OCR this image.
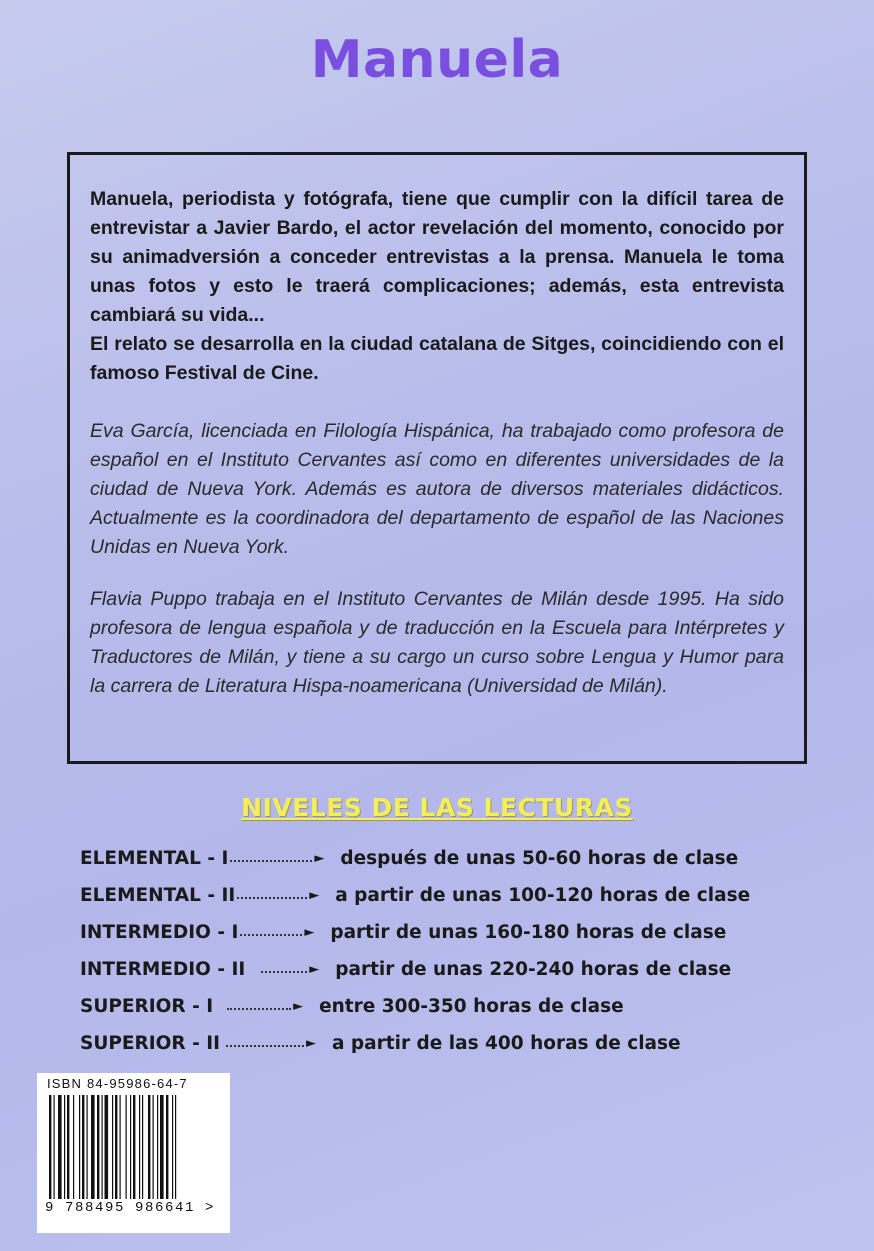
Manuela

Manuela, periodista y fotógrafa, tiene que cumplir con la difícil tarea de entrevistar a Javier Bardo, el actor revelación del momento, conocido por su animadversión a conceder entrevistas a la prensa. Manuela le toma unas fotos y esto le traerá complicaciones; además, esta entrevista cambiará su vida...

El relato se desarrolla en la ciudad catalana de Sitges, coincidiendo con el famoso Festival de Cine.

Eva García, licenciada en Filología Hispánica, ha trabajado como profesora de español en el Instituto Cervantes así como en diferentes universidades de la ciudad de Nueva York. Además es autora de diversos materiales didácticos. Actualmente es la coordinadora del departamento de español de las Naciones Unidas en Nueva York.

Flavia Puppo trabaja en el Instituto Cervantes de Milán desde 1995. Ha sido profesora de lengua española y de traducción en la Escuela para Intérpretes y Traductores de Milán, y tiene a su cargo un curso sobre Lengua y Humor para la carrera de Literatura Hispa-noamericana (Universidad de Milán).

NIVELES DE LAS LECTURAS
ELEMENTAL - I	► después de unas 50-60 horas de clase
ELEMENTAL - II	► a partir de unas 100-120 horas de clase
INTERMEDIO - I	► partir de unas 160-180 horas de clase
INTERMEDIO - II	► partir de unas 220-240 horas de clase
SUPERIOR - I	► entre 300-350 horas de clase
SUPERIOR - II	► a partir de las 400 horas de clase
ISBN 84-95986-64-7
9 788495 986641 >
